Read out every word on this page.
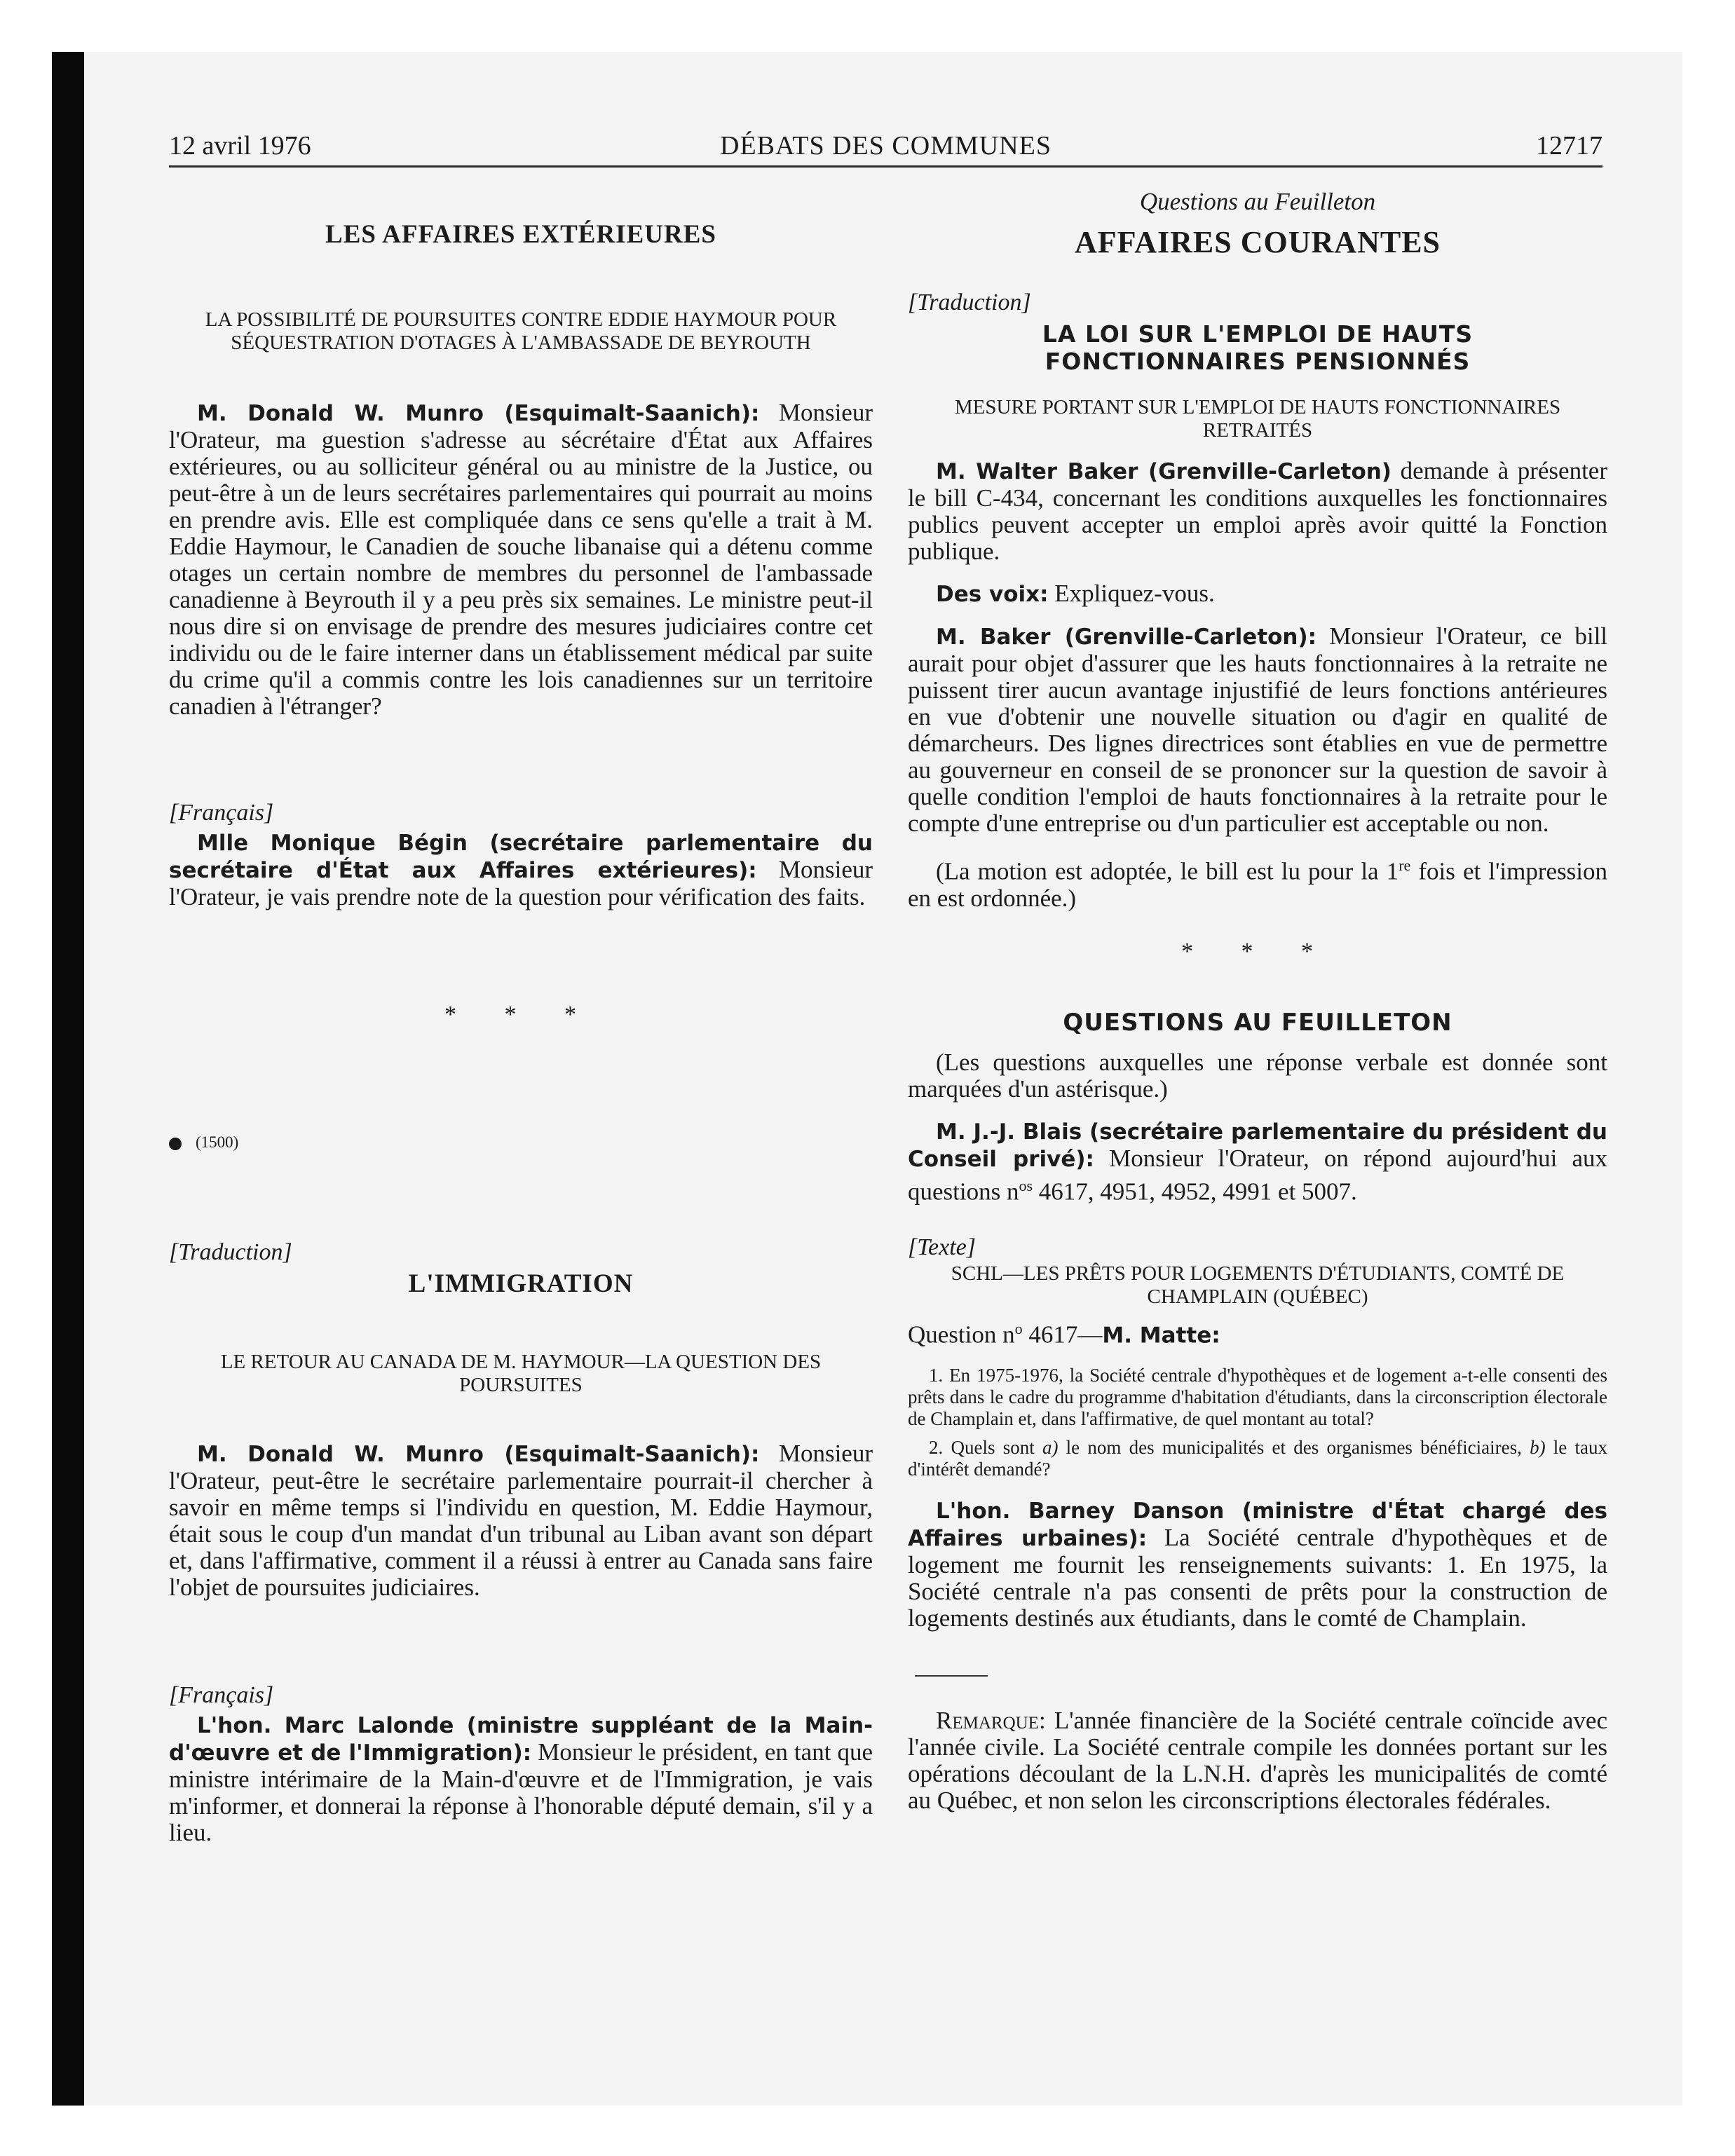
12 avril 1976	DÉBATS DES COMMUNES	12717
LES AFFAIRES EXTÉRIEURES

LA POSSIBILITÉ DE POURSUITES CONTRE EDDIE HAYMOUR POUR SÉQUESTRATION D'OTAGES À L'AMBASSADE DE BEYROUTH

M. Donald W. Munro (Esquimalt-Saanich): Monsieur l'Orateur, ma guestion s'adresse au sécrétaire d'État aux Affaires extérieures, ou au solliciteur général ou au ministre de la Justice, ou peut-être à un de leurs secrétaires parlementaires qui pourrait au moins en prendre avis. Elle est compliquée dans ce sens qu'elle a trait à M. Eddie Haymour, le Canadien de souche libanaise qui a détenu comme otages un certain nombre de membres du personnel de l'ambassade canadienne à Beyrouth il y a peu près six semaines. Le ministre peut-il nous dire si on envisage de prendre des mesures judiciaires contre cet individu ou de le faire interner dans un établissement médical par suite du crime qu'il a commis contre les lois canadiennes sur un territoire canadien à l'étranger?

[Français]

Mlle Monique Bégin (secrétaire parlementaire du secrétaire d'État aux Affaires extérieures): Monsieur l'Orateur, je vais prendre note de la question pour vérification des faits.

* * *

(1500)

[Traduction]

L'IMMIGRATION

LE RETOUR AU CANADA DE M. HAYMOUR—LA QUESTION DES POURSUITES

M. Donald W. Munro (Esquimalt-Saanich): Monsieur l'Orateur, peut-être le secrétaire parlementaire pourrait-il chercher à savoir en même temps si l'individu en question, M. Eddie Haymour, était sous le coup d'un mandat d'un tribunal au Liban avant son départ et, dans l'affirmative, comment il a réussi à entrer au Canada sans faire l'objet de poursuites judiciaires.

[Français]

L'hon. Marc Lalonde (ministre suppléant de la Main-d'œuvre et de l'Immigration): Monsieur le président, en tant que ministre intérimaire de la Main-d'œuvre et de l'Immigration, je vais m'informer, et donnerai la réponse à l'honorable député demain, s'il y a lieu.

Questions au Feuilleton

AFFAIRES COURANTES

[Traduction]

LA LOI SUR L'EMPLOI DE HAUTS FONCTIONNAIRES PENSIONNÉS

MESURE PORTANT SUR L'EMPLOI DE HAUTS FONCTIONNAIRES RETRAITÉS

M. Walter Baker (Grenville-Carleton) demande à présenter le bill C-434, concernant les conditions auxquelles les fonctionnaires publics peuvent accepter un emploi après avoir quitté la Fonction publique.

Des voix: Expliquez-vous.

M. Baker (Grenville-Carleton): Monsieur l'Orateur, ce bill aurait pour objet d'assurer que les hauts fonctionnaires à la retraite ne puissent tirer aucun avantage injustifié de leurs fonctions antérieures en vue d'obtenir une nouvelle situation ou d'agir en qualité de démarcheurs. Des lignes directrices sont établies en vue de permettre au gouverneur en conseil de se prononcer sur la question de savoir à quelle condition l'emploi de hauts fonctionnaires à la retraite pour le compte d'une entreprise ou d'un particulier est acceptable ou non.

(La motion est adoptée, le bill est lu pour la 1re fois et l'impression en est ordonnée.)

* * *

QUESTIONS AU FEUILLETON

(Les questions auxquelles une réponse verbale est donnée sont marquées d'un astérisque.)

M. J.-J. Blais (secrétaire parlementaire du président du Conseil privé): Monsieur l'Orateur, on répond aujourd'hui aux questions $n^{os}$ 4617, 4951, 4952, 4991 et 5007.

[Texte]

SCHL—LES PRÊTS POUR LOGEMENTS D'ÉTUDIANTS, COMTÉ DE CHAMPLAIN (QUÉBEC)

Question $n^o$ 4617—M. Matte:

1. En 1975-1976, la Société centrale d'hypothèques et de logement a-t-elle consenti des prêts dans le cadre du programme d'habitation d'étudiants, dans la circonscription électorale de Champlain et, dans l'affirmative, de quel montant au total?

2. Quels sont a) le nom des municipalités et des organismes bénéficiaires, b) le taux d'intérêt demandé?

L'hon. Barney Danson (ministre d'État chargé des Affaires urbaines): La Société centrale d'hypothèques et de logement me fournit les renseignements suivants: 1. En 1975, la Société centrale n'a pas consenti de prêts pour la construction de logements destinés aux étudiants, dans le comté de Champlain.

Remarque: L'année financière de la Société centrale coïncide avec l'année civile. La Société centrale compile les données portant sur les opérations découlant de la L.N.H. d'après les municipalités de comté au Québec, et non selon les circonscriptions électorales fédérales.
